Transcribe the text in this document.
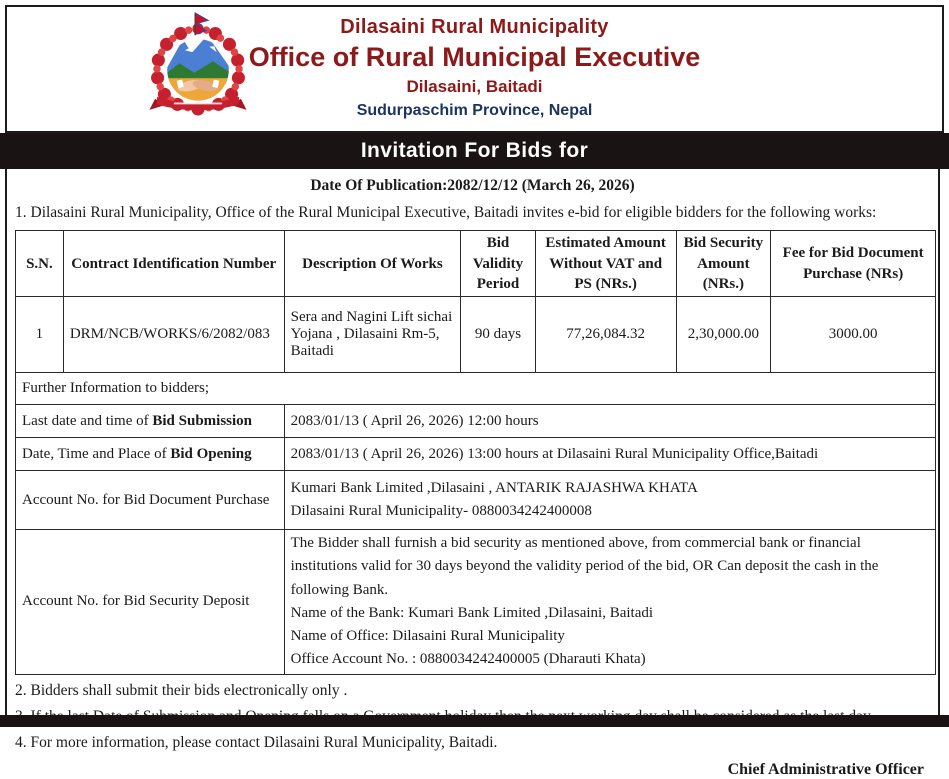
Dilasaini Rural Municipality
Office of Rural Municipal Executive
Dilasaini, Baitadi
Sudurpaschim Province, Nepal
Invitation For Bids for
Date Of Publication:2082/12/12 (March 26, 2026)
1. Dilasaini Rural Municipality, Office of the Rural Municipal Executive, Baitadi invites e-bid for eligible bidders for the following works:
S.N.	Contract Identification Number	Description Of Works	Bid Validity Period	Estimated Amount Without VAT and PS (NRs.)	Bid Security Amount (NRs.)	Fee for Bid Document Purchase (NRs)
1	DRM/NCB/WORKS/6/2082/083	Sera and Nagini Lift sichai Yojana , Dilasaini Rm-5, Baitadi	90 days	77,26,084.32	2,30,000.00	3000.00
Further Information to bidders;						
Last date and time of Bid Submission		2083/01/13 ( April 26, 2026) 12:00 hours				

Date, Time and Place of Bid Opening		2083/01/13 ( April 26, 2026) 13:00 hours at Dilasaini Rural Municipality Office,Baitadi				

Account No. for Bid Document Purchase		Kumari Bank Limited ,Dilasaini , ANTARIK RAJASHWA KHATA
Dilasaini Rural Municipality- 0880034242400008				

Account No. for Bid Security Deposit		The Bidder shall furnish a bid security as mentioned above, from commercial bank or financial institutions valid for 30 days beyond the validity period of the bid, OR Can deposit the cash in the following Bank.
Name of the Bank: Kumari Bank Limited ,Dilasaini, Baitadi
Name of Office: Dilasaini Rural Municipality
Office Account No. : 0880034242400005 (Dharauti Khata)				
2. Bidders shall submit their bids electronically only .
4. For more information, please contact Dilasaini Rural Municipality, Baitadi.
Chief Administrative Officer
